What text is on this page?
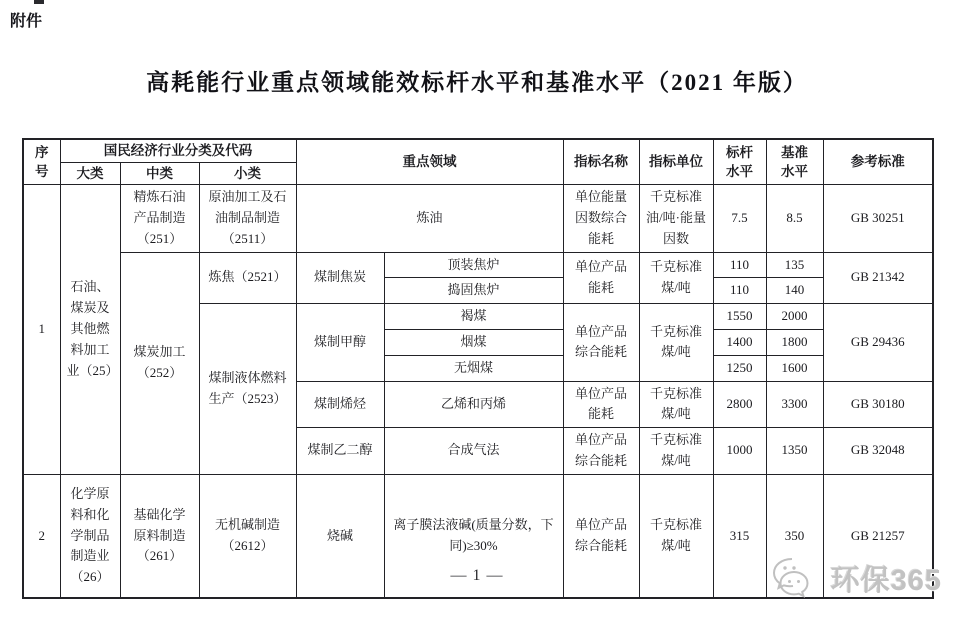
附件
高耗能行业重点领域能效标杆水平和基准水平（2021 年版）
序号	国民经济行业分类及代码			重点领域		指标名称	指标单位	标杆水平	基准水平	参考标准
	大类	中类	小类							
1	石油、煤炭及其他燃料加工业（25）	精炼石油产品制造（251）	原油加工及石油制品制造（2511）	炼油		单位能量因数综合能耗	千克标准油/吨·能量因数	7.5	8.5	GB 30251
		煤炭加工（252）	炼焦（2521）	煤制焦炭	顶装焦炉	单位产品能耗	千克标准煤/吨	110	135	GB 21342
					捣固焦炉			110	140	
			煤制液体燃料生产（2523）	煤制甲醇	褐煤	单位产品综合能耗	千克标准煤/吨	1550	2000	GB 29436
					烟煤			1400	1800	
					无烟煤			1250	1600	
				煤制烯烃	乙烯和丙烯	单位产品能耗	千克标准煤/吨	2800	3300	GB 30180
				煤制乙二醇	合成气法	单位产品综合能耗	千克标准煤/吨	1000	1350	GB 32048
2	化学原料和化学制品制造业（26）	基础化学原料制造（261）	无机碱制造（2612）	烧碱	离子膜法液碱(质量分数，下同)≥30%	单位产品综合能耗	千克标准煤/吨	315	350	GB 21257
— 1 —	环保365
